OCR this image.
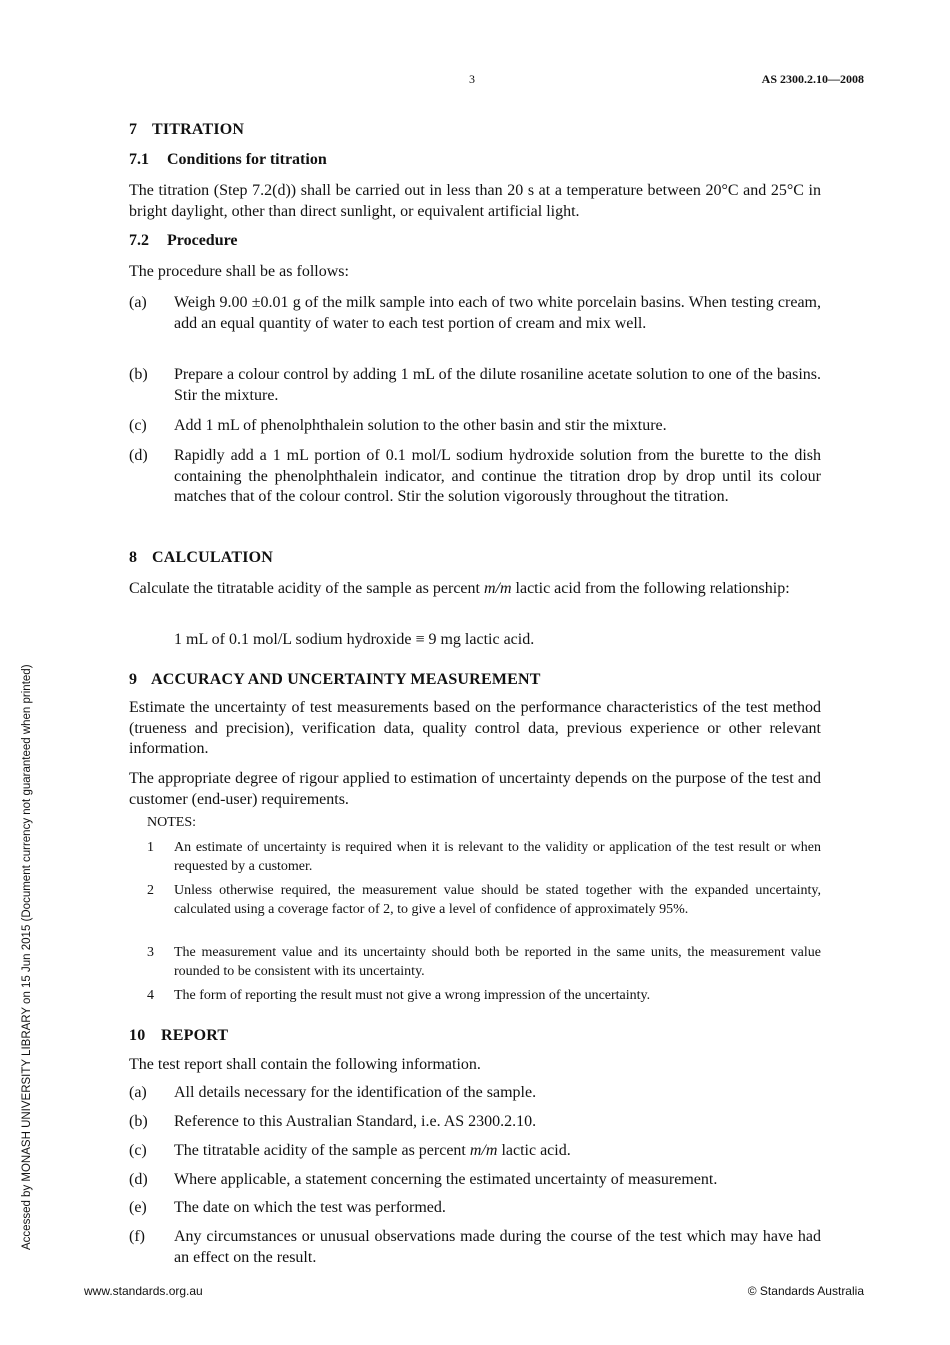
3	AS 2300.2.10—2008
Accessed by MONASH UNIVERSITY LIBRARY on 15 Jun 2015 (Document currency not guaranteed when printed)
www.standards.org.au	© Standards Australia
7 TITRATION
7.1 Conditions for titration
The titration (Step 7.2(d)) shall be carried out in less than 20 s at a temperature between 20°C and 25°C in bright daylight, other than direct sunlight, or equivalent artificial light.
7.2 Procedure
The procedure shall be as follows:
(a)	Weigh 9.00 ±0.01 g of the milk sample into each of two white porcelain basins. When testing cream, add an equal quantity of water to each test portion of cream and mix well.
(b)	Prepare a colour control by adding 1 mL of the dilute rosaniline acetate solution to one of the basins. Stir the mixture.
(c)	Add 1 mL of phenolphthalein solution to the other basin and stir the mixture.
(d)	Rapidly add a 1 mL portion of 0.1 mol/L sodium hydroxide solution from the burette to the dish containing the phenolphthalein indicator, and continue the titration drop by drop until its colour matches that of the colour control. Stir the solution vigorously throughout the titration.
8 CALCULATION
Calculate the titratable acidity of the sample as percent m/m lactic acid from the following relationship:
1 mL of 0.1 mol/L sodium hydroxide ≡ 9 mg lactic acid.
9 ACCURACY AND UNCERTAINTY MEASUREMENT
Estimate the uncertainty of test measurements based on the performance characteristics of the test method (trueness and precision), verification data, quality control data, previous experience or other relevant information.
The appropriate degree of rigour applied to estimation of uncertainty depends on the purpose of the test and customer (end-user) requirements.
NOTES:
1	An estimate of uncertainty is required when it is relevant to the validity or application of the test result or when requested by a customer.
2	Unless otherwise required, the measurement value should be stated together with the expanded uncertainty, calculated using a coverage factor of 2, to give a level of confidence of approximately 95%.
3	The measurement value and its uncertainty should both be reported in the same units, the measurement value rounded to be consistent with its uncertainty.
4	The form of reporting the result must not give a wrong impression of the uncertainty.
10 REPORT
The test report shall contain the following information.
(a)	All details necessary for the identification of the sample.
(b)	Reference to this Australian Standard, i.e. AS 2300.2.10.
(c)	The titratable acidity of the sample as percent m/m lactic acid.
(d)	Where applicable, a statement concerning the estimated uncertainty of measurement.
(e)	The date on which the test was performed.
(f)	Any circumstances or unusual observations made during the course of the test which may have had an effect on the result.
